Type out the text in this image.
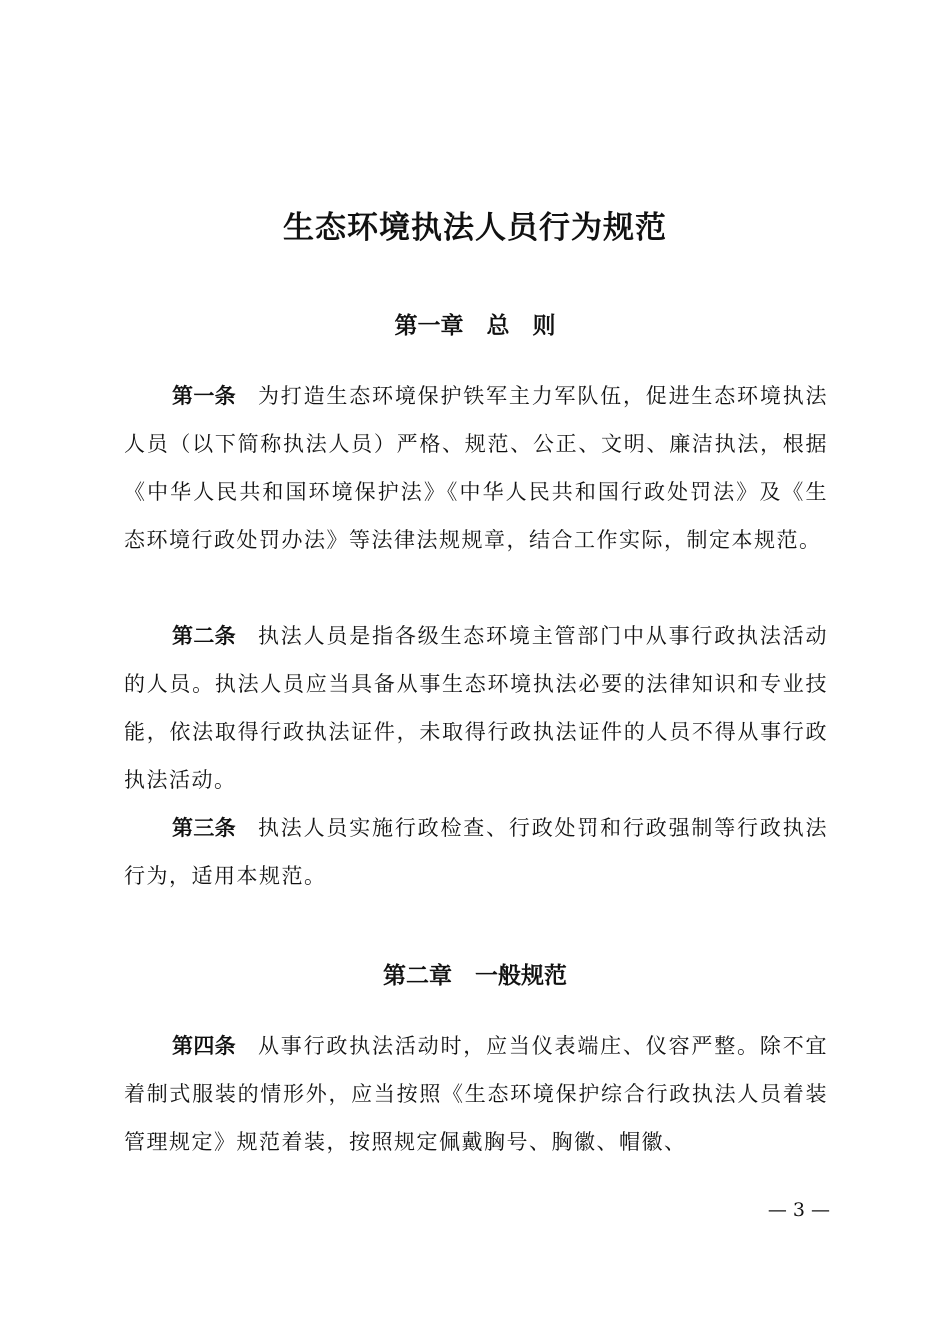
生态环境执法人员行为规范
第一章　总　则

第一条 为打造生态环境保护铁军主力军队伍，促进生态环境执法人员（以下简称执法人员）严格、规范、公正、文明、廉洁执法，根据《中华人民共和国环境保护法》《中华人民共和国行政处罚法》及《生态环境行政处罚办法》等法律法规规章，结合工作实际，制定本规范。

第二条 执法人员是指各级生态环境主管部门中从事行政执法活动的人员。执法人员应当具备从事生态环境执法必要的法律知识和专业技能，依法取得行政执法证件，未取得行政执法证件的人员不得从事行政执法活动。

第三条 执法人员实施行政检查、行政处罚和行政强制等行政执法行为，适用本规范。

第二章　一般规范

第四条 从事行政执法活动时，应当仪表端庄、仪容严整。除不宜着制式服装的情形外，应当按照《生态环境保护综合行政执法人员着装管理规定》规范着装，按照规定佩戴胸号、胸徽、帽徽、

— 3 —
